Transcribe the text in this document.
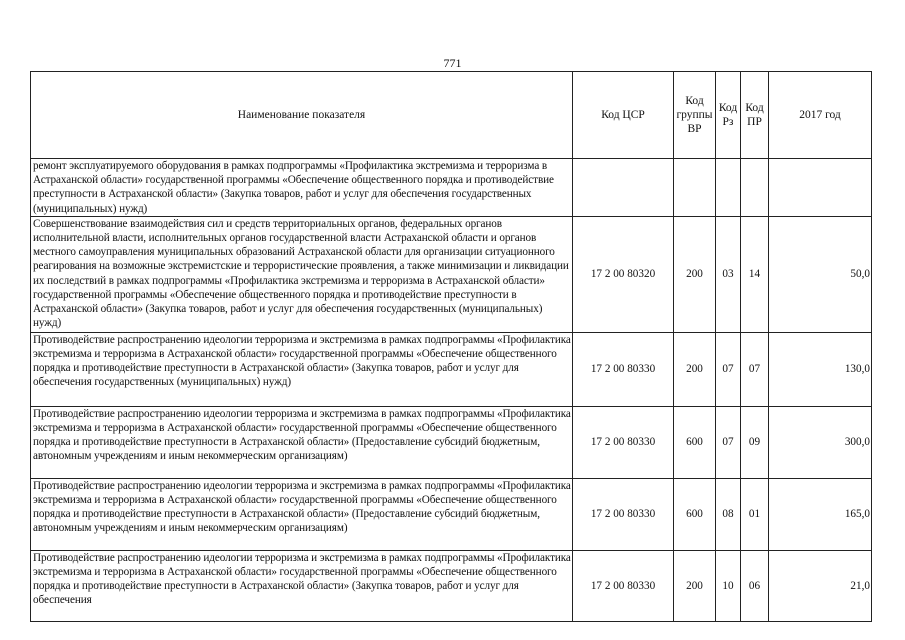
771
Наименование показателя	Код ЦСР	Код группы ВР	Код Рз	Код ПР	2017 год
ремонт эксплуатируемого оборудования в рамках подпрограммы «Профилактика экстремизма и терроризма в Астраханской области» государственной программы «Обеспечение общественного порядка и противодействие преступности в Астраханской области» (Закупка товаров, работ и услуг для обеспечения государственных (муниципальных) нужд)					
Совершенствование взаимодействия сил и средств территориальных органов, федеральных органов исполнительной власти, исполнительных органов государственной власти Астраханской области и органов местного самоуправления муниципальных образований Астраханской области для организации ситуационного реагирования на возможные экстремистские и террористические проявления, а также минимизации и ликвидации их последствий в рамках подпрограммы «Профилактика экстремизма и терроризма в Астраханской области» государственной программы «Обеспечение общественного порядка и противодействие преступности в Астраханской области» (Закупка товаров, работ и услуг для обеспечения государственных (муниципальных) нужд)	17 2 00 80320	200	03	14	50,0
Противодействие распространению идеологии терроризма и экстремизма в рамках подпрограммы «Профилактика экстремизма и терроризма в Астраханской области» государственной программы «Обеспечение общественного порядка и противодействие преступности в Астраханской области» (Закупка товаров, работ и услуг для обеспечения государственных (муниципальных) нужд)	17 2 00 80330	200	07	07	130,0
Противодействие распространению идеологии терроризма и экстремизма в рамках подпрограммы «Профилактика экстремизма и терроризма в Астраханской области» государственной программы «Обеспечение общественного порядка и противодействие преступности в Астраханской области» (Предоставление субсидий бюджетным, автономным учреждениям и иным некоммерческим организациям)	17 2 00 80330	600	07	09	300,0
Противодействие распространению идеологии терроризма и экстремизма в рамках подпрограммы «Профилактика экстремизма и терроризма в Астраханской области» государственной программы «Обеспечение общественного порядка и противодействие преступности в Астраханской области» (Предоставление субсидий бюджетным, автономным учреждениям и иным некоммерческим организациям)	17 2 00 80330	600	08	01	165,0
Противодействие распространению идеологии терроризма и экстремизма в рамках подпрограммы «Профилактика экстремизма и терроризма в Астраханской области» государственной программы «Обеспечение общественного порядка и противодействие преступности в Астраханской области» (Закупка товаров, работ и услуг для обеспечения	17 2 00 80330	200	10	06	21,0
